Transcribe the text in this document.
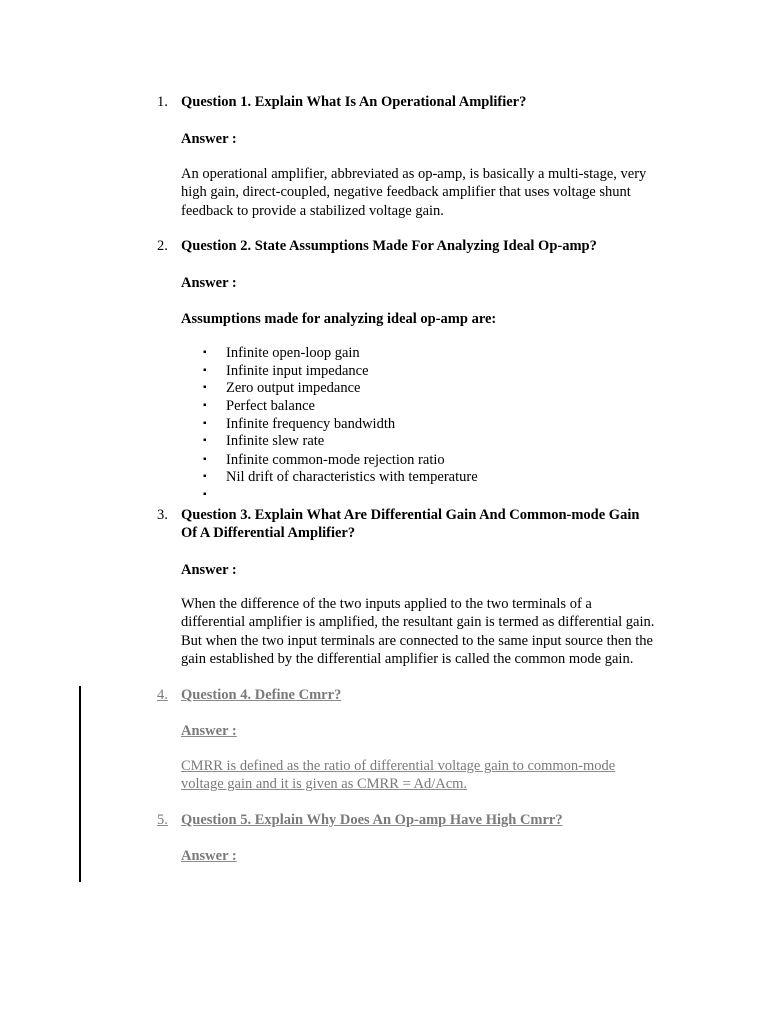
1. Question 1. Explain What Is An Operational Amplifier?
Answer :
An operational amplifier, abbreviated as op-amp, is basically a multi-stage, very
high gain, direct-coupled, negative feedback amplifier that uses voltage shunt
feedback to provide a stabilized voltage gain.
2. Question 2. State Assumptions Made For Analyzing Ideal Op-amp?
Answer :
Assumptions made for analyzing ideal op-amp are:
▪ Infinite open-loop gain
▪ Infinite input impedance
▪ Zero output impedance
▪ Perfect balance
▪ Infinite frequency bandwidth
▪ Infinite slew rate
▪ Infinite common-mode rejection ratio
▪ Nil drift of characteristics with temperature
▪
3. Question 3. Explain What Are Differential Gain And Common-mode Gain
Of A Differential Amplifier?
Answer :
When the difference of the two inputs applied to the two terminals of a
differential amplifier is amplified, the resultant gain is termed as differential gain.
But when the two input terminals are connected to the same input source then the
gain established by the differential amplifier is called the common mode gain.
4. Question 4. Define Cmrr?
Answer :
CMRR is defined as the ratio of differential voltage gain to common-mode
voltage gain and it is given as CMRR = Ad/Acm.
5. Question 5. Explain Why Does An Op-amp Have High Cmrr?
Answer :
